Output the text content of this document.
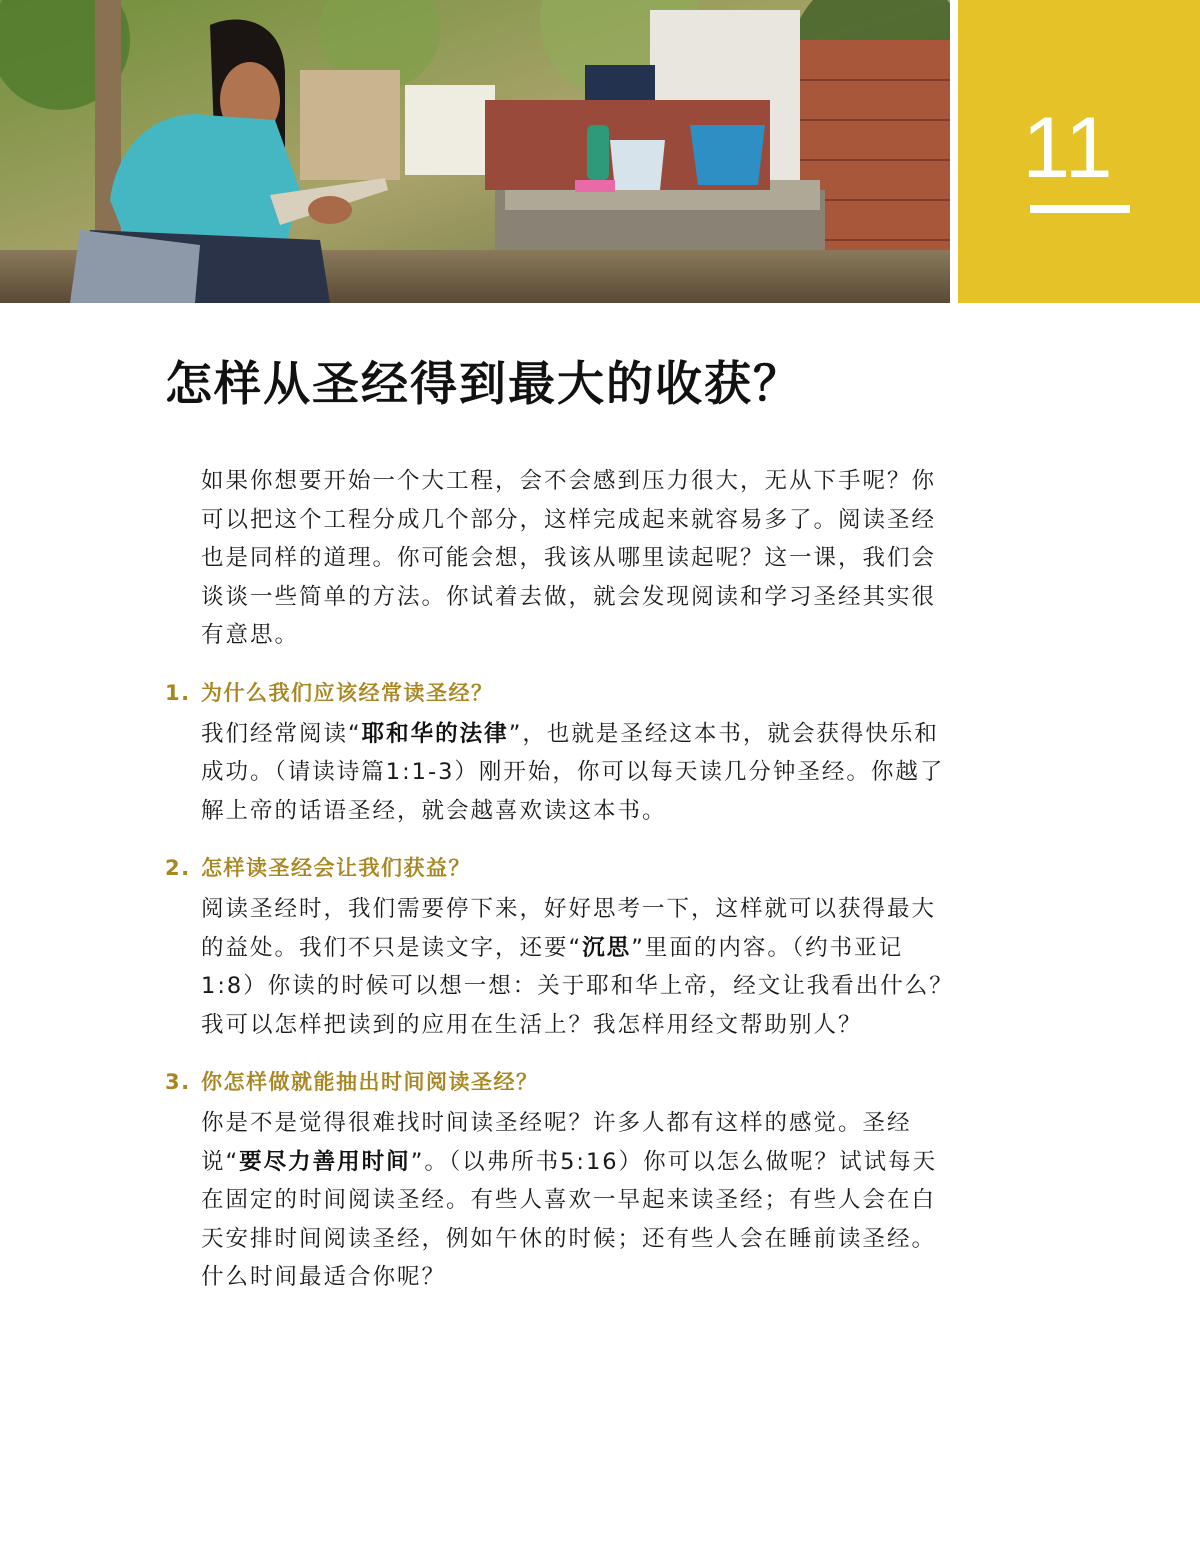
11
怎样从圣经得到最大的收获？

如果你想要开始一个大工程，会不会感到压力很大，无从下手呢？你可以把这个工程分成几个部分，这样完成起来就容易多了。阅读圣经也是同样的道理。你可能会想，我该从哪里读起呢？这一课，我们会谈谈一些简单的方法。你试着去做，就会发现阅读和学习圣经其实很有意思。

1. 为什么我们应该经常读圣经？

我们经常阅读“耶和华的法律”，也就是圣经这本书，就会获得快乐和成功。（请读诗篇1:1-3）刚开始，你可以每天读几分钟圣经。你越了解上帝的话语圣经，就会越喜欢读这本书。

2. 怎样读圣经会让我们获益？

阅读圣经时，我们需要停下来，好好思考一下，这样就可以获得最大的益处。我们不只是读文字，还要“沉思”里面的内容。（约书亚记1:8）你读的时候可以想一想：关于耶和华上帝，经文让我看出什么？我可以怎样把读到的应用在生活上？我怎样用经文帮助别人？

3. 你怎样做就能抽出时间阅读圣经？

你是不是觉得很难找时间读圣经呢？许多人都有这样的感觉。圣经说“要尽力善用时间”。（以弗所书5:16）你可以怎么做呢？试试每天在固定的时间阅读圣经。有些人喜欢一早起来读圣经；有些人会在白天安排时间阅读圣经，例如午休的时候；还有些人会在睡前读圣经。什么时间最适合你呢？
